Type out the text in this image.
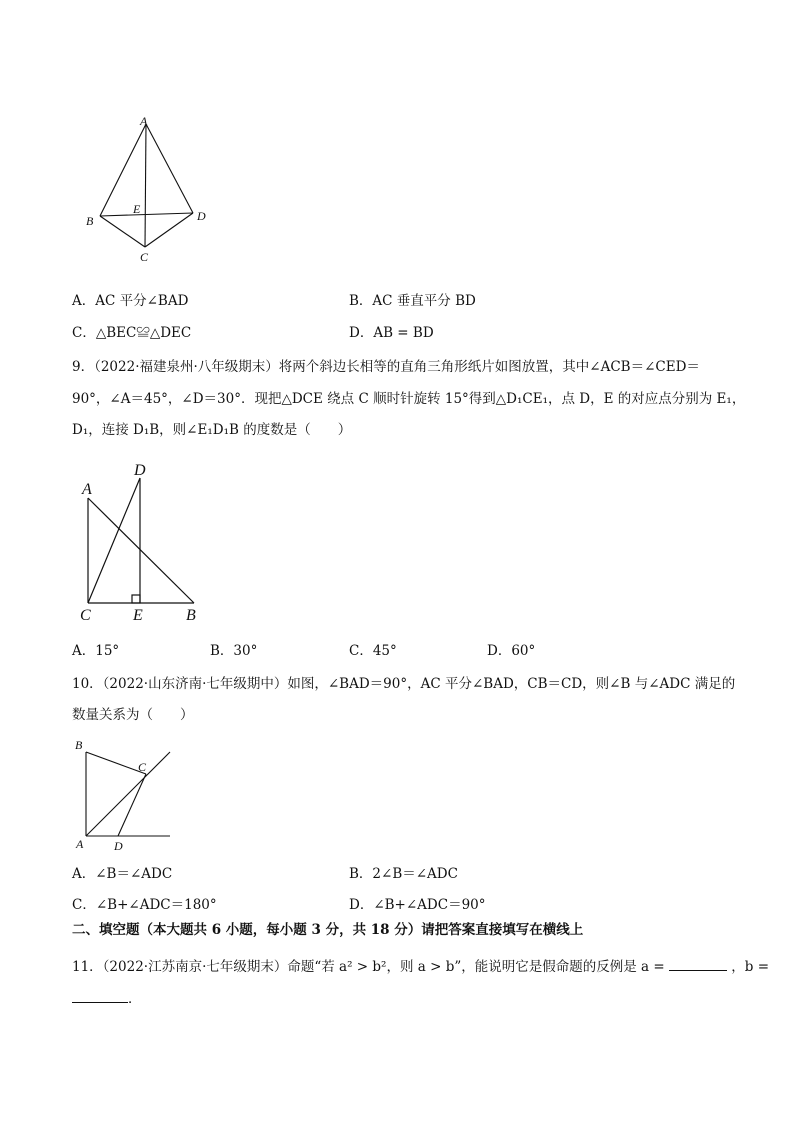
A
B
E	D
C
A．AC 平分∠BAD	B．AC 垂直平分 BD
C．△BEC≌△DEC	D．AB = BD
9．（2022·福建泉州·八年级期末）将两个斜边长相等的直角三角形纸片如图放置，其中∠ACB＝∠CED＝
90°，∠A＝45°，∠D＝30°．现把△DCE 绕点 C 顺时针旋转 15°得到△D₁CE₁，点 D，E 的对应点分别为 E₁，
D₁，连接 D₁B，则∠E₁D₁B 的度数是（　　）
D
A
C	E	B
A．15°	B．30°	C．45°	D．60°
10．（2022·山东济南·七年级期中）如图，∠BAD＝90°，AC 平分∠BAD，CB＝CD，则∠B 与∠ADC 满足的
数量关系为（　　）
B
C
A	D
A．∠B＝∠ADC	B．2∠B＝∠ADC
C．∠B+∠ADC＝180°	D．∠B+∠ADC＝90°
二、填空题（本大题共 6 小题，每小题 3 分，共 18 分）请把答案直接填写在横线上
11．（2022·江苏南京·七年级期末）命题“若 a² > b²，则 a > b”，能说明它是假命题的反例是 a =	，b =
．
